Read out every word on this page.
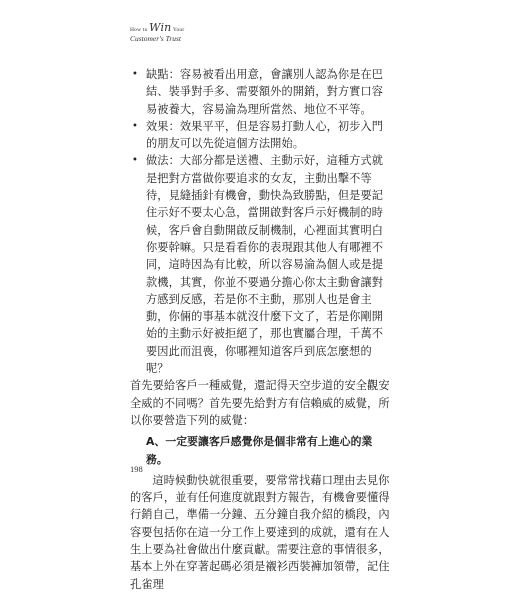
How to Win Your
Customer's Trust
• 缺點：容易被看出用意，會讓別人認為你是在巴結、裝爭對手多、需要額外的開銷，對方實口容易被養大，容易淪為理所當然、地位不平等。
• 效果：效果平平，但是容易打動人心，初步入門的朋友可以先從這個方法開始。
• 做法：大部分都是送禮、主動示好，這種方式就是把對方當做你要追求的女友，主動出擊不等待，見縫插針有機會，動快為致勝點，但是要記住示好不要太心急，當開啟對客戶示好機制的時候，客戶會自動開啟反制機制，心裡面其實明白你要幹嘛。只是看看你的表現跟其他人有哪裡不同，這時因為有比較，所以容易淪為個人或是提款機，其實，你並不要過分擔心你太主動會讓對方感到反感，若是你不主動，那別人也是會主動，你倆的事基本就沒什麼下文了，若是你剛開始的主動示好被拒絕了，那也實屬合理，千萬不要因此而沮喪，你哪裡知道客戶到底怎麼想的呢？
首先要給客戶一種威覺，還記得天空步道的安全觀安全威的不同嗎？首先要先給對方有信賴威的威覺，所以你要營造下列的威覺：
A、一定要讓客戶感覺你是個非常有上進心的業務。
這時候動快就很重要，要常常找藉口理由去見你的客戶，並有任何進度就跟對方報告，有機會要懂得行銷自己，準備一分鐘、五分鐘自我介紹的橋段，內容要包括你在這一分工作上要達到的成就，還有在人生上要為社會做出什麼貢獻。需要注意的事情很多，基本上外在穿著起碼必須是襯衫西裝褲加領帶，記住孔雀理
198
